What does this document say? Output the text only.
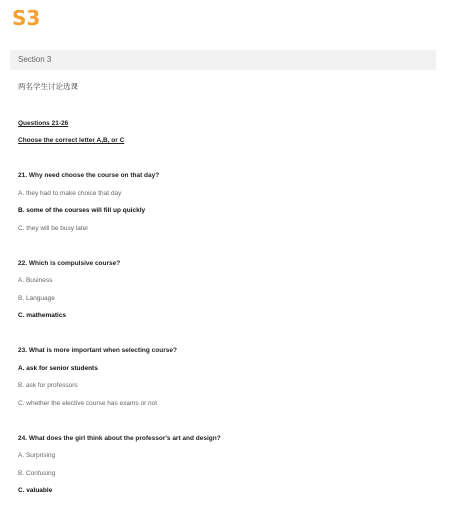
S3
Section 3
两名学生讨论选课
Questions 21-26
Choose the correct letter A,B, or C
21. Why need choose the course on that day?
A. they had to make choice that day
B. some of the courses will fill up quickly
C. they will be busy later
22. Which is compulsive course?
A. Business
B. Language
C. mathematics
23. What is more important when selecting course?
A. ask for senior students
B. ask for professors
C. whether the elective course has exams or not
24. What does the girl think about the professor's art and design?
A. Surprising
B. Confusing
C. valuable
